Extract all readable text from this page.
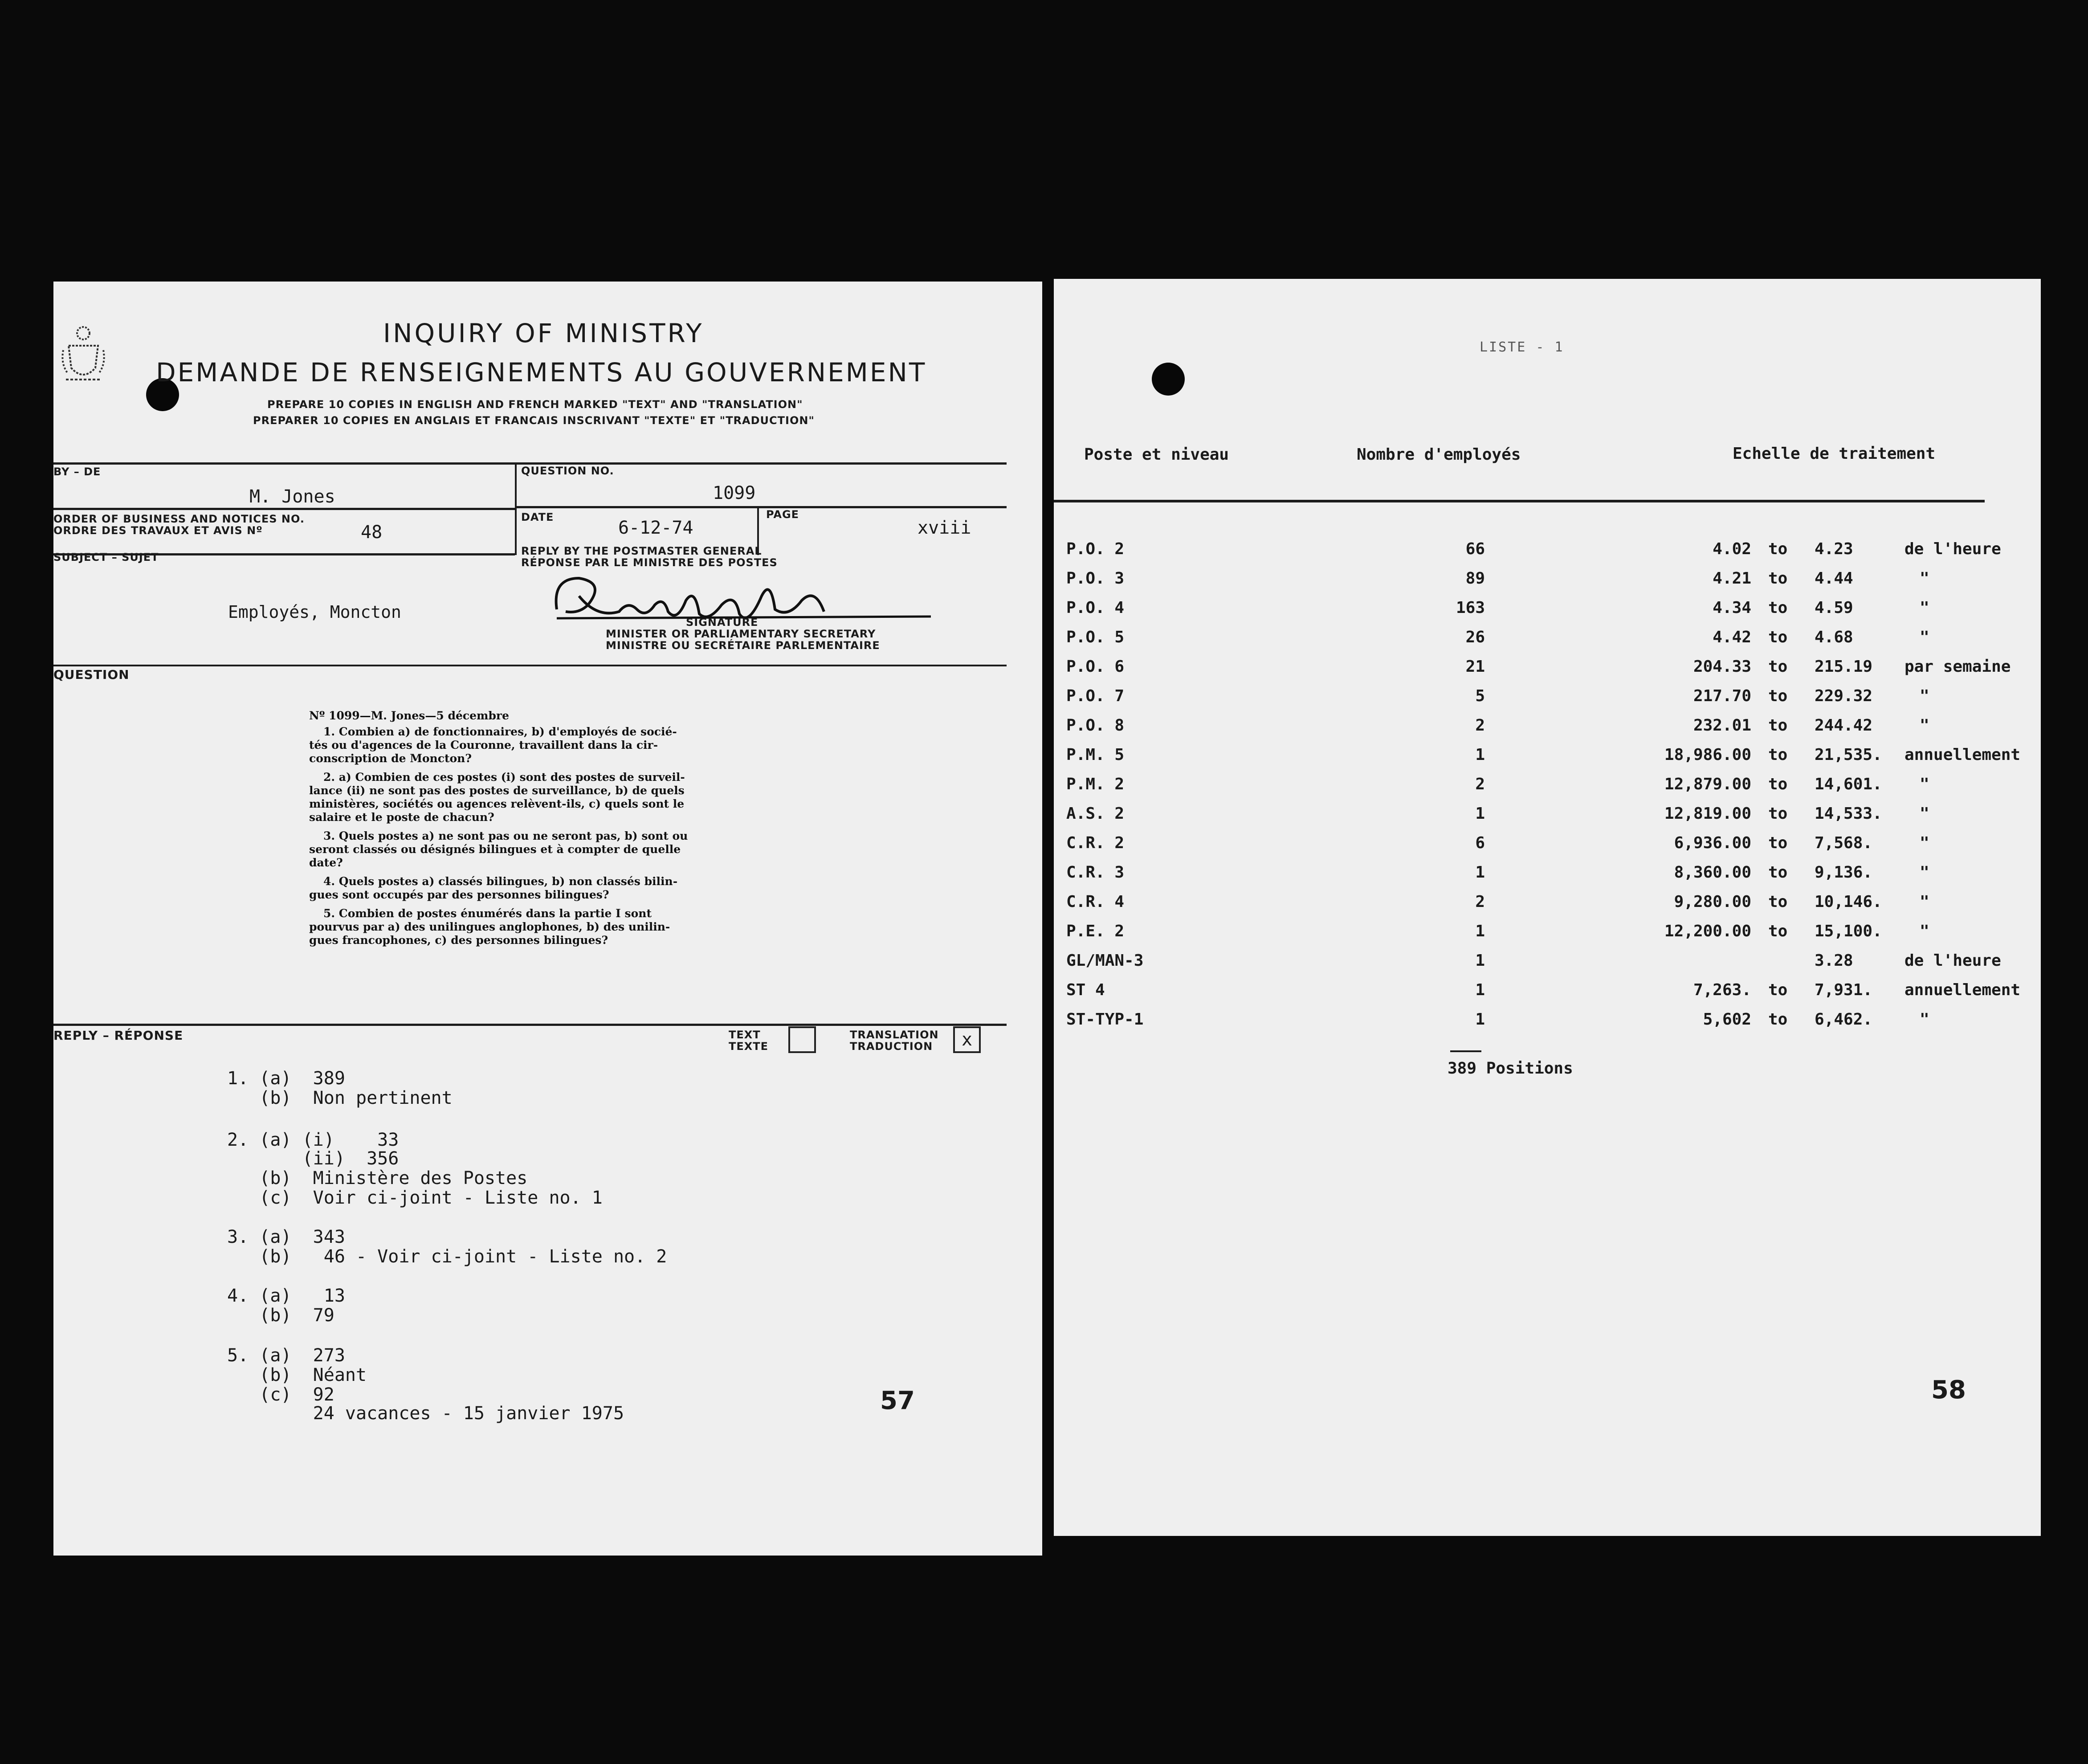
INQUIRY OF MINISTRY
DEMANDE DE RENSEIGNEMENTS AU GOUVERNEMENT
PREPARE 10 COPIES IN ENGLISH AND FRENCH MARKED "TEXT" AND "TRANSLATION"
PREPARER 10 COPIES EN ANGLAIS ET FRANCAIS INSCRIVANT "TEXTE" ET "TRADUCTION"
BY – DE
M. Jones
QUESTION NO.
1099
ORDER OF BUSINESS AND NOTICES NO.
ORDRE DES TRAVAUX ET AVIS Nº	48
DATE
6-12-74
PAGE
xviii
SUBJECT – SUJET
Employés, Moncton
REPLY BY THE POSTMASTER GENERAL
RÉPONSE PAR LE MINISTRE DES POSTES
SIGNATURE
MINISTER OR PARLIAMENTARY SECRETARY
MINISTRE OU SECRÉTAIRE PARLEMENTAIRE
QUESTION
Nº 1099—M. Jones—5 décembre
1. Combien a) de fonctionnaires, b) d'employés de socié-
tés ou d'agences de la Couronne, travaillent dans la cir-
conscription de Moncton?
2. a) Combien de ces postes (i) sont des postes de surveil-
lance (ii) ne sont pas des postes de surveillance, b) de quels
ministères, sociétés ou agences relèvent-ils, c) quels sont le
salaire et le poste de chacun?
3. Quels postes a) ne sont pas ou ne seront pas, b) sont ou
seront classés ou désignés bilingues et à compter de quelle
date?
4. Quels postes a) classés bilingues, b) non classés bilin-
gues sont occupés par des personnes bilingues?
5. Combien de postes énumérés dans la partie I sont
pourvus par a) des unilingues anglophones, b) des unilin-
gues francophones, c) des personnes bilingues?
REPLY – RÉPONSE	TEXT
TEXTE
TRANSLATION
TRADUCTION	x
1. (a)  389
(b)  Non pertinent
2. (a) (i)    33
(ii)  356
(b)  Ministère des Postes
(c)  Voir ci-joint - Liste no. 1
3. (a)  343
(b)   46 - Voir ci-joint - Liste no. 2
4. (a)   13
(b)  79
5. (a)  273
(b)  Néant
(c)  92
24 vacances - 15 janvier 1975	57
LISTE - 1
Poste et niveau	Nombre d'employés	Echelle de traitement
P.O. 2	66	4.02 to 4.23	de l'heure
P.O. 3	89	4.21 to 4.44	"
P.O. 4	163	4.34 to 4.59	"
P.O. 5	26	4.42 to 4.68	"
P.O. 6	21	204.33 to 215.19 par semaine
P.O. 7	5	217.70 to 229.32	"
P.O. 8	2	232.01 to 244.42	"
P.M. 5	1	18,986.00 to 21,535. annuellement
P.M. 2	2	12,879.00 to 14,601. "
A.S. 2	1	12,819.00 to 14,533. "
C.R. 2	6	6,936.00 to 7,568.	"
C.R. 3	1	8,360.00 to 9,136.	"
C.R. 4	2	9,280.00 to 10,146. "
P.E. 2	1	12,200.00 to 15,100. "
GL/MAN-3	1	3.28	de l'heure
ST 4	1	7,263. to 7,931. annuellement
ST-TYP-1	1	5,602 to 6,462.	"
389 Positions
58
